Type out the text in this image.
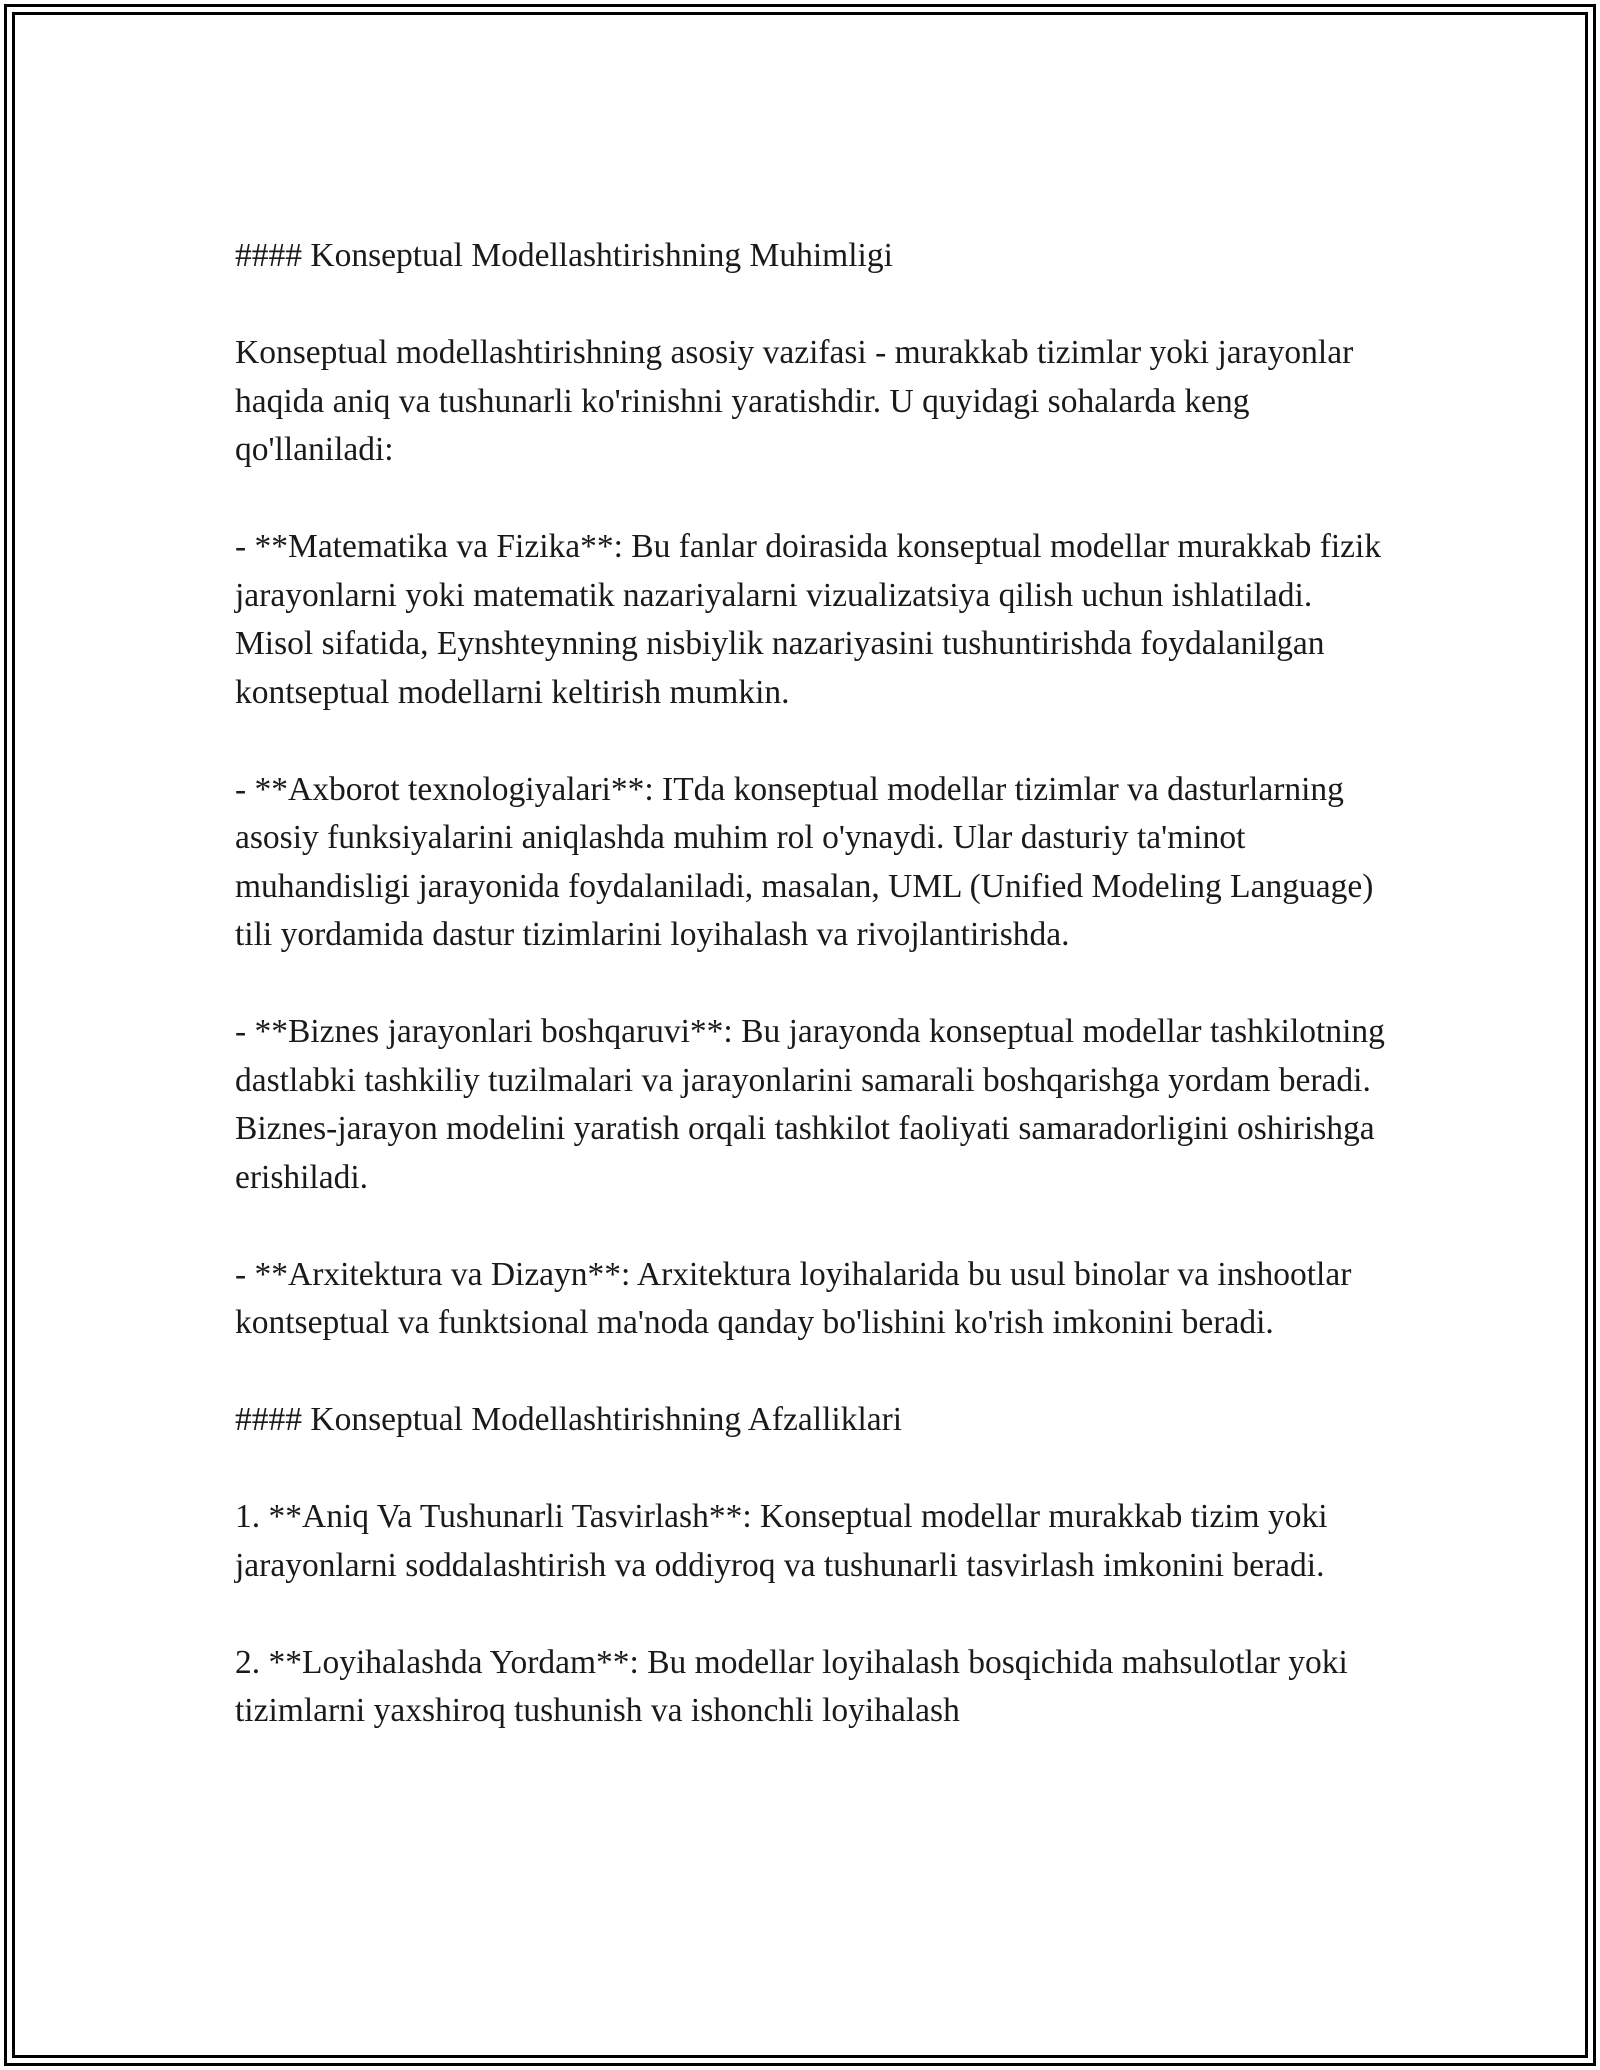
#### Konseptual Modellashtirishning Muhimligi

Konseptual modellashtirishning asosiy vazifasi - murakkab tizimlar yoki jarayonlar haqida aniq va tushunarli ko'rinishni yaratishdir. U quyidagi sohalarda keng qo'llaniladi:

- **Matematika va Fizika**: Bu fanlar doirasida konseptual modellar murakkab fizik jarayonlarni yoki matematik nazariyalarni vizualizatsiya qilish uchun ishlatiladi. Misol sifatida, Eynshteynning nisbiylik nazariyasini tushuntirishda foydalanilgan kontseptual modellarni keltirish mumkin.

- **Axborot texnologiyalari**: ITda konseptual modellar tizimlar va dasturlarning asosiy funksiyalarini aniqlashda muhim rol o'ynaydi. Ular dasturiy ta'minot muhandisligi jarayonida foydalaniladi, masalan, UML (Unified Modeling Language) tili yordamida dastur tizimlarini loyihalash va rivojlantirishda.

- **Biznes jarayonlari boshqaruvi**: Bu jarayonda konseptual modellar tashkilotning dastlabki tashkiliy tuzilmalari va jarayonlarini samarali boshqarishga yordam beradi. Biznes-jarayon modelini yaratish orqali tashkilot faoliyati samaradorligini oshirishga erishiladi.

- **Arxitektura va Dizayn**: Arxitektura loyihalarida bu usul binolar va inshootlar kontseptual va funktsional ma'noda qanday bo'lishini ko'rish imkonini beradi.

#### Konseptual Modellashtirishning Afzalliklari

1. **Aniq Va Tushunarli Tasvirlash**: Konseptual modellar murakkab tizim yoki jarayonlarni soddalashtirish va oddiyroq va tushunarli tasvirlash imkonini beradi.

2. **Loyihalashda Yordam**: Bu modellar loyihalash bosqichida mahsulotlar yoki tizimlarni yaxshiroq tushunish va ishonchli loyihalash
